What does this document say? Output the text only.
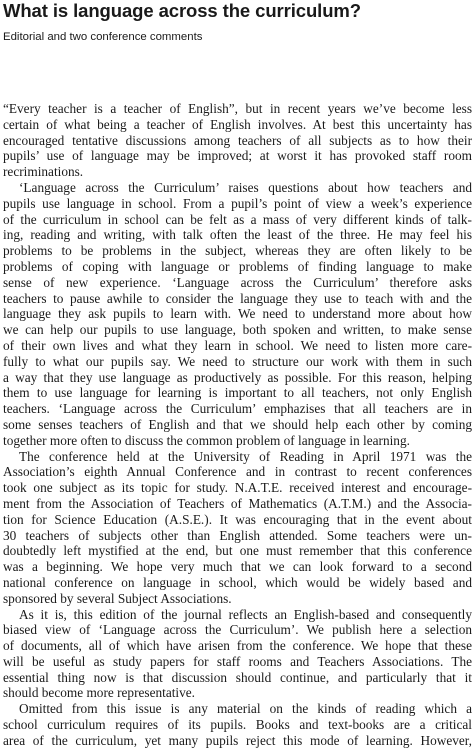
What is language across the curriculum?

Editorial and two conference comments

“Every teacher is a teacher of English”, but in recent years we’ve become less
certain of what being a teacher of English involves. At best this uncertainty has
encouraged tentative discussions among teachers of all subjects as to how their
pupils’ use of language may be improved; at worst it has provoked staff room
recriminations.
‘Language across the Curriculum’ raises questions about how teachers and
pupils use language in school. From a pupil’s point of view a week’s experience
of the curriculum in school can be felt as a mass of very different kinds of talk-
ing, reading and writing, with talk often the least of the three. He may feel his
problems to be problems in the subject, whereas they are often likely to be
problems of coping with language or problems of finding language to make
sense of new experience. ‘Language across the Curriculum’ therefore asks
teachers to pause awhile to consider the language they use to teach with and the
language they ask pupils to learn with. We need to understand more about how
we can help our pupils to use language, both spoken and written, to make sense
of their own lives and what they learn in school. We need to listen more care-
fully to what our pupils say. We need to structure our work with them in such
a way that they use language as productively as possible. For this reason, helping
them to use language for learning is important to all teachers, not only English
teachers. ‘Language across the Curriculum’ emphazises that all teachers are in
some senses teachers of English and that we should help each other by coming
together more often to discuss the common problem of language in learning.
The conference held at the University of Reading in April 1971 was the
Association’s eighth Annual Conference and in contrast to recent conferences
took one subject as its topic for study. N.A.T.E. received interest and encourage-
ment from the Association of Teachers of Mathematics (A.T.M.) and the Associa-
tion for Science Education (A.S.E.). It was encouraging that in the event about
30 teachers of subjects other than English attended. Some teachers were un-
doubtedly left mystified at the end, but one must remember that this conference
was a beginning. We hope very much that we can look forward to a second
national conference on language in school, which would be widely based and
sponsored by several Subject Associations.
As it is, this edition of the journal reflects an English-based and consequently
biased view of ‘Language across the Curriculum’. We publish here a selection
of documents, all of which have arisen from the conference. We hope that these
will be useful as study papers for staff rooms and Teachers Associations. The
essential thing now is that discussion should continue, and particularly that it
should become more representative.
Omitted from this issue is any material on the kinds of reading which a
school curriculum requires of its pupils. Books and text-books are a critical
area of the curriculum, yet many pupils reject this mode of learning. However,
